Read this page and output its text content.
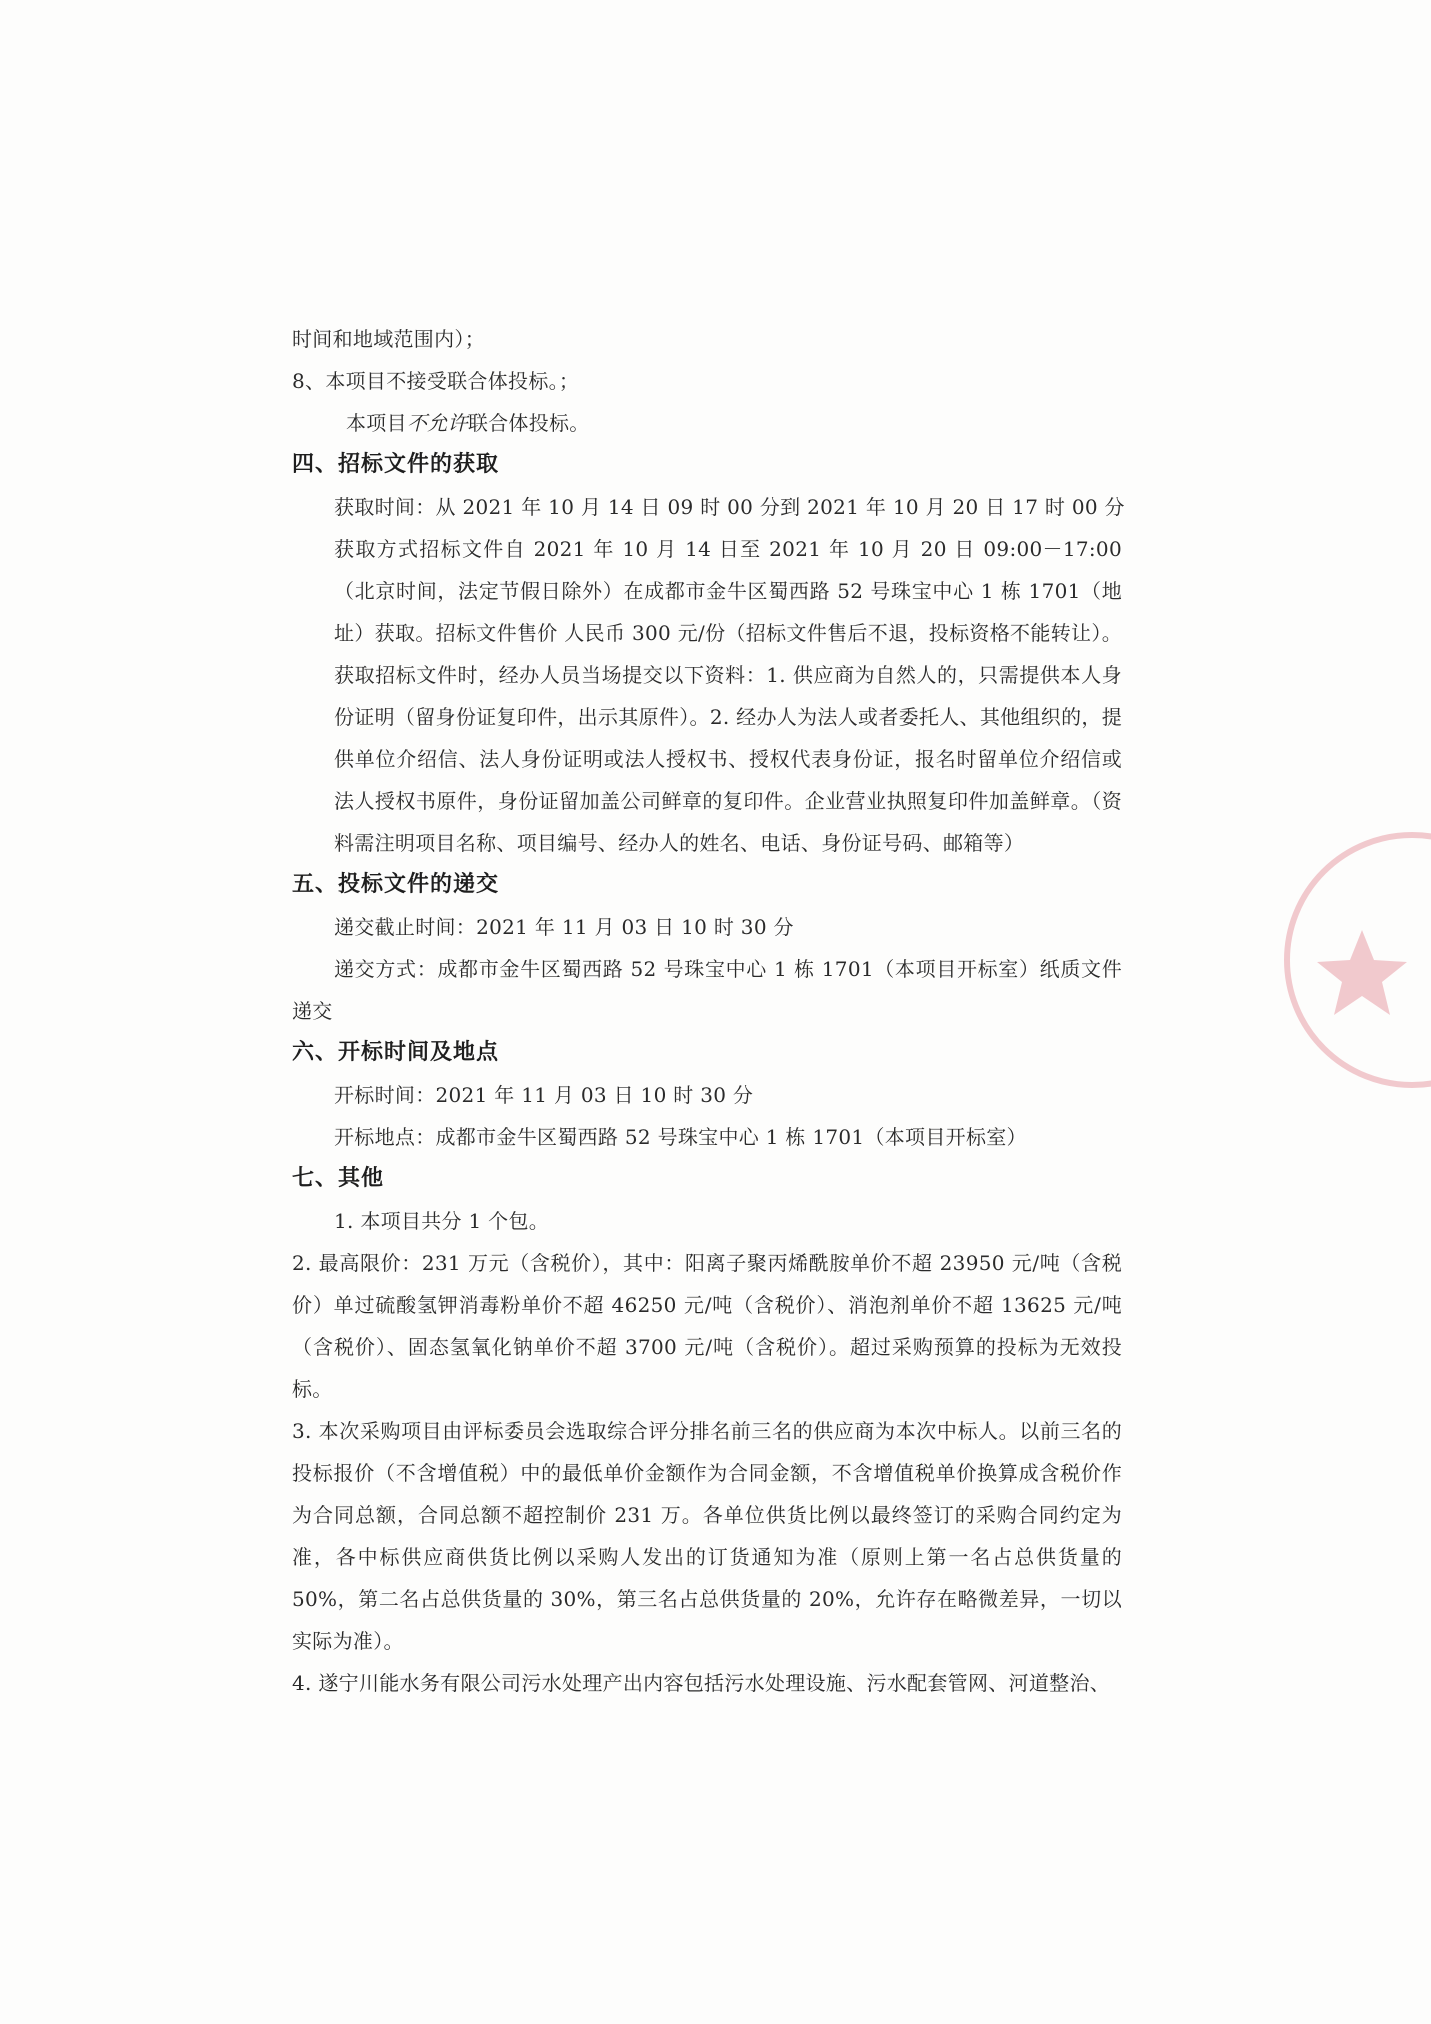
时间和地域范围内）；
8、本项目不接受联合体投标。；
本项目不允许联合体投标。
四、招标文件的获取
获取时间：从 2021 年 10 月 14 日 09 时 00 分到 2021 年 10 月 20 日 17 时 00 分
获取方式招标文件自 2021 年 10 月 14 日至 2021 年 10 月 20 日 09:00－17:00（北京时间，法定节假日除外）在成都市金牛区蜀西路 52 号珠宝中心 1 栋 1701（地址）获取。招标文件售价 人民币 300 元/份（招标文件售后不退，投标资格不能转让）。获取招标文件时，经办人员当场提交以下资料：1. 供应商为自然人的，只需提供本人身份证明（留身份证复印件，出示其原件）。2. 经办人为法人或者委托人、其他组织的，提供单位介绍信、法人身份证明或法人授权书、授权代表身份证，报名时留单位介绍信或法人授权书原件，身份证留加盖公司鲜章的复印件。企业营业执照复印件加盖鲜章。（资料需注明项目名称、项目编号、经办人的姓名、电话、身份证号码、邮箱等）
五、投标文件的递交
递交截止时间：2021 年 11 月 03 日 10 时 30 分
递交方式：成都市金牛区蜀西路 52 号珠宝中心 1 栋 1701（本项目开标室）纸质文件递交
六、开标时间及地点
开标时间：2021 年 11 月 03 日 10 时 30 分
开标地点：成都市金牛区蜀西路 52 号珠宝中心 1 栋 1701（本项目开标室）
七、其他
1. 本项目共分 1 个包。
2. 最高限价：231 万元（含税价），其中：阳离子聚丙烯酰胺单价不超 23950 元/吨（含税价）单过硫酸氢钾消毒粉单价不超 46250 元/吨（含税价）、消泡剂单价不超 13625 元/吨（含税价）、固态氢氧化钠单价不超 3700 元/吨（含税价）。超过采购预算的投标为无效投标。
3. 本次采购项目由评标委员会选取综合评分排名前三名的供应商为本次中标人。以前三名的投标报价（不含增值税）中的最低单价金额作为合同金额，不含增值税单价换算成含税价作为合同总额，合同总额不超控制价 231 万。各单位供货比例以最终签订的采购合同约定为准，各中标供应商供货比例以采购人发出的订货通知为准（原则上第一名占总供货量的 50%，第二名占总供货量的 30%，第三名占总供货量的 20%，允许存在略微差异，一切以实际为准）。
4. 遂宁川能水务有限公司污水处理产出内容包括污水处理设施、污水配套管网、河道整治、
